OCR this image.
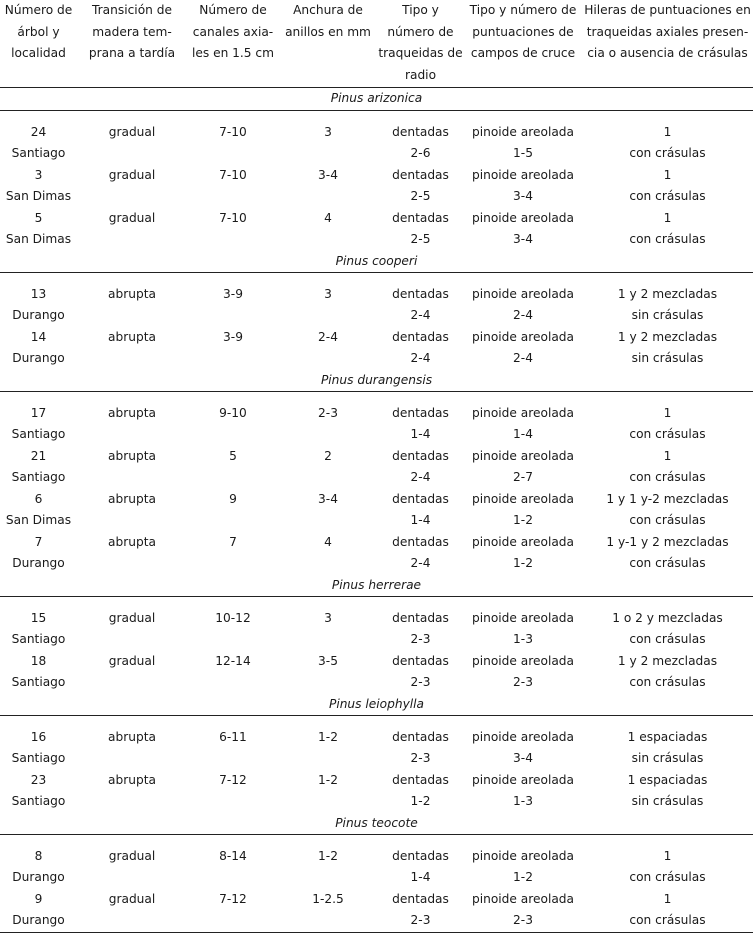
Número de árbol y localidad	Transición de madera tem-prana a tardía	Número de canales axia-les en 1.5 cm	Anchura de anillos en mm	Tipo y número de traqueidas de radio	Tipo y número de puntuaciones de campos de cruce	Hileras de puntuaciones en traqueidas axiales presen-cia o ausencia de crásulas
Pinus arizonica						

24	gradual	7-10	3	dentadas	pinoide areolada	1
Santiago				2-6	1-5	con crásulas
3	gradual	7-10	3-4	dentadas	pinoide areolada	1
San Dimas				2-5	3-4	con crásulas
5	gradual	7-10	4	dentadas	pinoide areolada	1
San Dimas				2-5	3-4	con crásulas
Pinus cooperi						

13	abrupta	3-9	3	dentadas	pinoide areolada	1 y 2 mezcladas
Durango				2-4	2-4	sin crásulas
14	abrupta	3-9	2-4	dentadas	pinoide areolada	1 y 2 mezcladas
Durango				2-4	2-4	sin crásulas
Pinus durangensis						

17	abrupta	9-10	2-3	dentadas	pinoide areolada	1
Santiago				1-4	1-4	con crásulas
21	abrupta	5	2	dentadas	pinoide areolada	1
Santiago				2-4	2-7	con crásulas
6	abrupta	9	3-4	dentadas	pinoide areolada	1 y 1 y-2 mezcladas
San Dimas				1-4	1-2	con crásulas
7	abrupta	7	4	dentadas	pinoide areolada	1 y-1 y 2 mezcladas
Durango				2-4	1-2	con crásulas
Pinus herrerae						

15	gradual	10-12	3	dentadas	pinoide areolada	1 o 2 y mezcladas
Santiago				2-3	1-3	con crásulas
18	gradual	12-14	3-5	dentadas	pinoide areolada	1 y 2 mezcladas
Santiago				2-3	2-3	con crásulas
Pinus leiophylla						

16	abrupta	6-11	1-2	dentadas	pinoide areolada	1 espaciadas
Santiago				2-3	3-4	sin crásulas
23	abrupta	7-12	1-2	dentadas	pinoide areolada	1 espaciadas
Santiago				1-2	1-3	sin crásulas
Pinus teocote						

8	gradual	8-14	1-2	dentadas	pinoide areolada	1
Durango				1-4	1-2	con crásulas
9	gradual	7-12	1-2.5	dentadas	pinoide areolada	1
Durango				2-3	2-3	con crásulas
